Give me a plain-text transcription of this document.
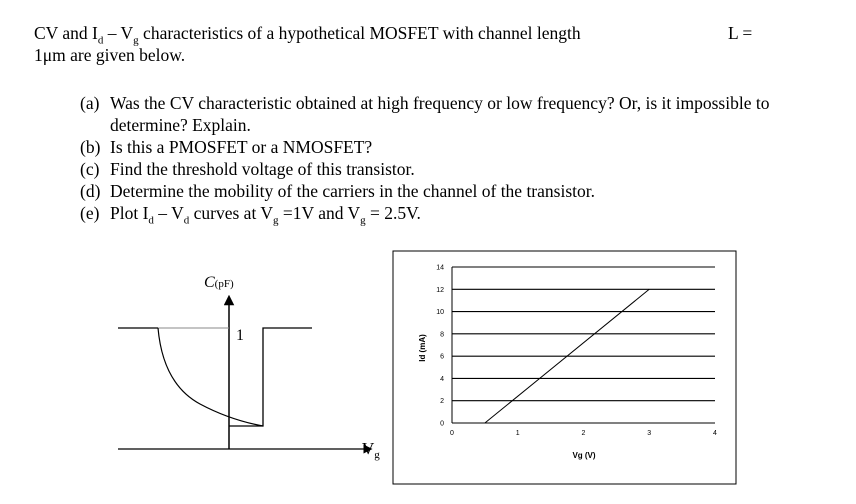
CV and $I_d - V_g$ characteristics of a hypothetical MOSFET with channel length	L =
1μm are given below.
(a) Was the CV characteristic obtained at high frequency or low frequency? Or, is it impossible to determine? Explain.
(b) Is this a PMOSFET or a NMOSFET?
(c) Find the threshold voltage of this transistor.
(d) Determine the mobility of the carriers in the channel of the transistor.
(e) Plot $I_d - V_d$ curves at $V_g =1V$ and $V_g = 2.5V$.
C(pF)
1
$V_g$
0
2
4
6
8
10
12
14
0	1	2	3	4
Vg (V)
Id (mA)
